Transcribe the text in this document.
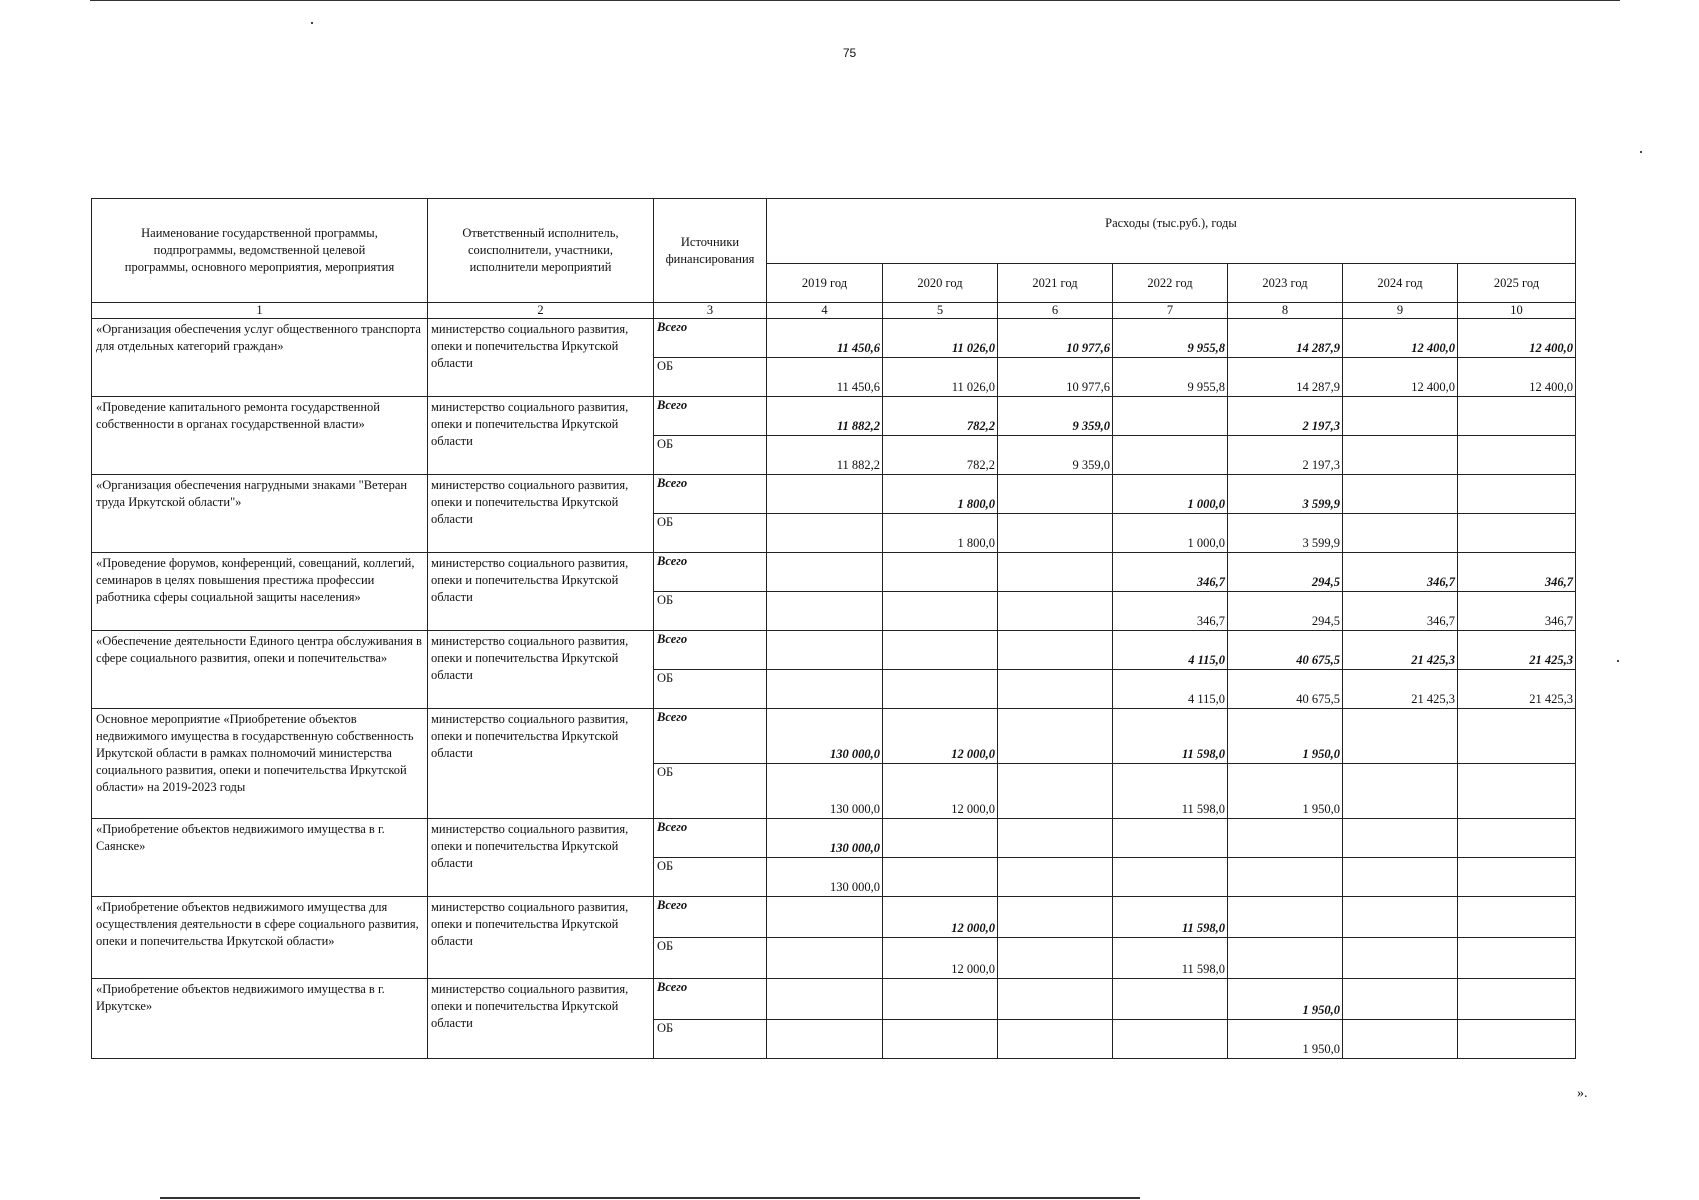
75
Наименование государственной программы, подпрограммы, ведомственной целевой программы, основного мероприятия, мероприятия	Ответственный исполнитель, соисполнители, участники, исполнители мероприятий	Источники финансирования	Расходы (тыс.руб.), годы						
			2019 год	2020 год	2021 год	2022 год	2023 год	2024 год	2025 год
1	2	3	4	5	6	7	8	9	10
«Организация обеспечения услуг общественного транспорта для отдельных категорий граждан»	министерство социального развития, опеки и попечительства Иркутской области	Всего	11 450,6	11 026,0	10 977,6	9 955,8	14 287,9	12 400,0	12 400,0
		ОБ	11 450,6	11 026,0	10 977,6	9 955,8	14 287,9	12 400,0	12 400,0
«Проведение капитального ремонта государственной собственности в органах государственной власти»	министерство социального развития, опеки и попечительства Иркутской области	Всего	11 882,2	782,2	9 359,0		2 197,3		
		ОБ	11 882,2	782,2	9 359,0		2 197,3		
«Организация обеспечения нагрудными знаками "Ветеран труда Иркутской области"»	министерство социального развития, опеки и попечительства Иркутской области	Всего		1 800,0		1 000,0	3 599,9		
		ОБ		1 800,0		1 000,0	3 599,9		
«Проведение форумов, конференций, совещаний, коллегий, семинаров в целях повышения престижа профессии работника сферы социальной защиты населения»	министерство социального развития, опеки и попечительства Иркутской области	Всего				346,7	294,5	346,7	346,7
		ОБ				346,7	294,5	346,7	346,7
«Обеспечение деятельности Единого центра обслуживания в сфере социального развития, опеки и попечительства»	министерство социального развития, опеки и попечительства Иркутской области	Всего				4 115,0	40 675,5	21 425,3	21 425,3
		ОБ				4 115,0	40 675,5	21 425,3	21 425,3
Основное мероприятие «Приобретение объектов недвижимого имущества в государственную собственность Иркутской области в рамках полномочий министерства социального развития, опеки и попечительства Иркутской области» на 2019-2023 годы	министерство социального развития, опеки и попечительства Иркутской области	Всего	130 000,0	12 000,0		11 598,0	1 950,0		
		ОБ	130 000,0	12 000,0		11 598,0	1 950,0		
«Приобретение объектов недвижимого имущества в г. Саянске»	министерство социального развития, опеки и попечительства Иркутской области	Всего	130 000,0						
		ОБ	130 000,0						
«Приобретение объектов недвижимого имущества для осуществления деятельности в сфере социального развития, опеки и попечительства Иркутской области»	министерство социального развития, опеки и попечительства Иркутской области	Всего		12 000,0		11 598,0			
		ОБ		12 000,0		11 598,0			
«Приобретение объектов недвижимого имущества в г. Иркутске»	министерство социального развития, опеки и попечительства Иркутской области	Всего					1 950,0		
		ОБ					1 950,0		
».
